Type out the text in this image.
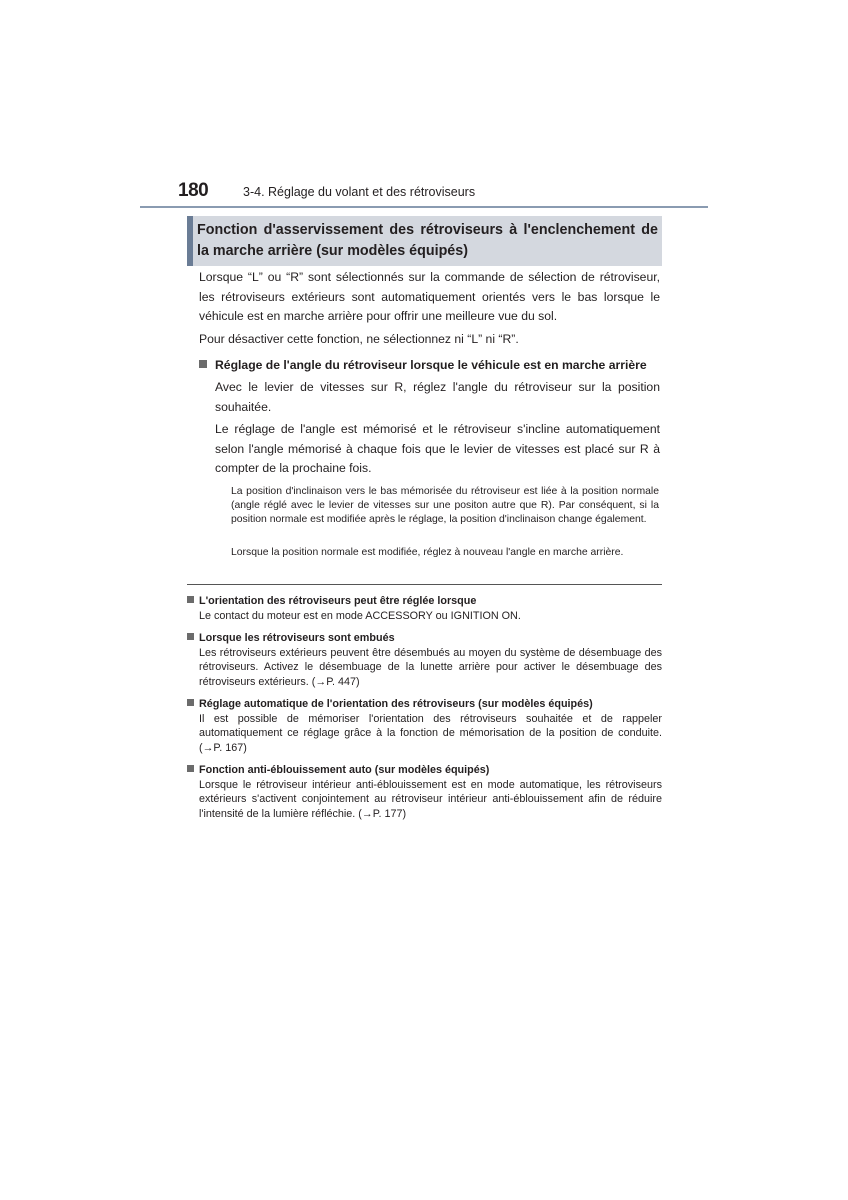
180	3-4. Réglage du volant et des rétroviseurs
Fonction d'asservissement des rétroviseurs à l'enclenchement de la marche arrière (sur modèles équipés)

Lorsque “L” ou “R” sont sélectionnés sur la commande de sélection de rétroviseur, les rétroviseurs extérieurs sont automatiquement orientés vers le bas lorsque le véhicule est en marche arrière pour offrir une meilleure vue du sol.

Pour désactiver cette fonction, ne sélectionnez ni “L” ni “R”.

Réglage de l'angle du rétroviseur lorsque le véhicule est en marche arrière

Avec le levier de vitesses sur R, réglez l'angle du rétroviseur sur la position souhaitée.

Le réglage de l'angle est mémorisé et le rétroviseur s'incline automatiquement selon l'angle mémorisé à chaque fois que le levier de vitesses est placé sur R à compter de la prochaine fois.

La position d'inclinaison vers le bas mémorisée du rétroviseur est liée à la position normale (angle réglé avec le levier de vitesses sur une positon autre que R). Par conséquent, si la position normale est modifiée après le réglage, la position d'inclinaison change également.

Lorsque la position normale est modifiée, réglez à nouveau l'angle en marche arrière.

L'orientation des rétroviseurs peut être réglée lorsque
Le contact du moteur est en mode ACCESSORY ou IGNITION ON.
Lorsque les rétroviseurs sont embués
Les rétroviseurs extérieurs peuvent être désembués au moyen du système de désembuage des rétroviseurs. Activez le désembuage de la lunette arrière pour activer le désembuage des rétroviseurs extérieurs. (→P. 447)
Réglage automatique de l'orientation des rétroviseurs (sur modèles équipés)
Il est possible de mémoriser l'orientation des rétroviseurs souhaitée et de rappeler automatiquement ce réglage grâce à la fonction de mémorisation de la position de conduite. (→P. 167)
Fonction anti-éblouissement auto (sur modèles équipés)
Lorsque le rétroviseur intérieur anti-éblouissement est en mode automatique, les rétroviseurs extérieurs s'activent conjointement au rétroviseur intérieur anti-éblouissement afin de réduire l'intensité de la lumière réfléchie. (→P. 177)
